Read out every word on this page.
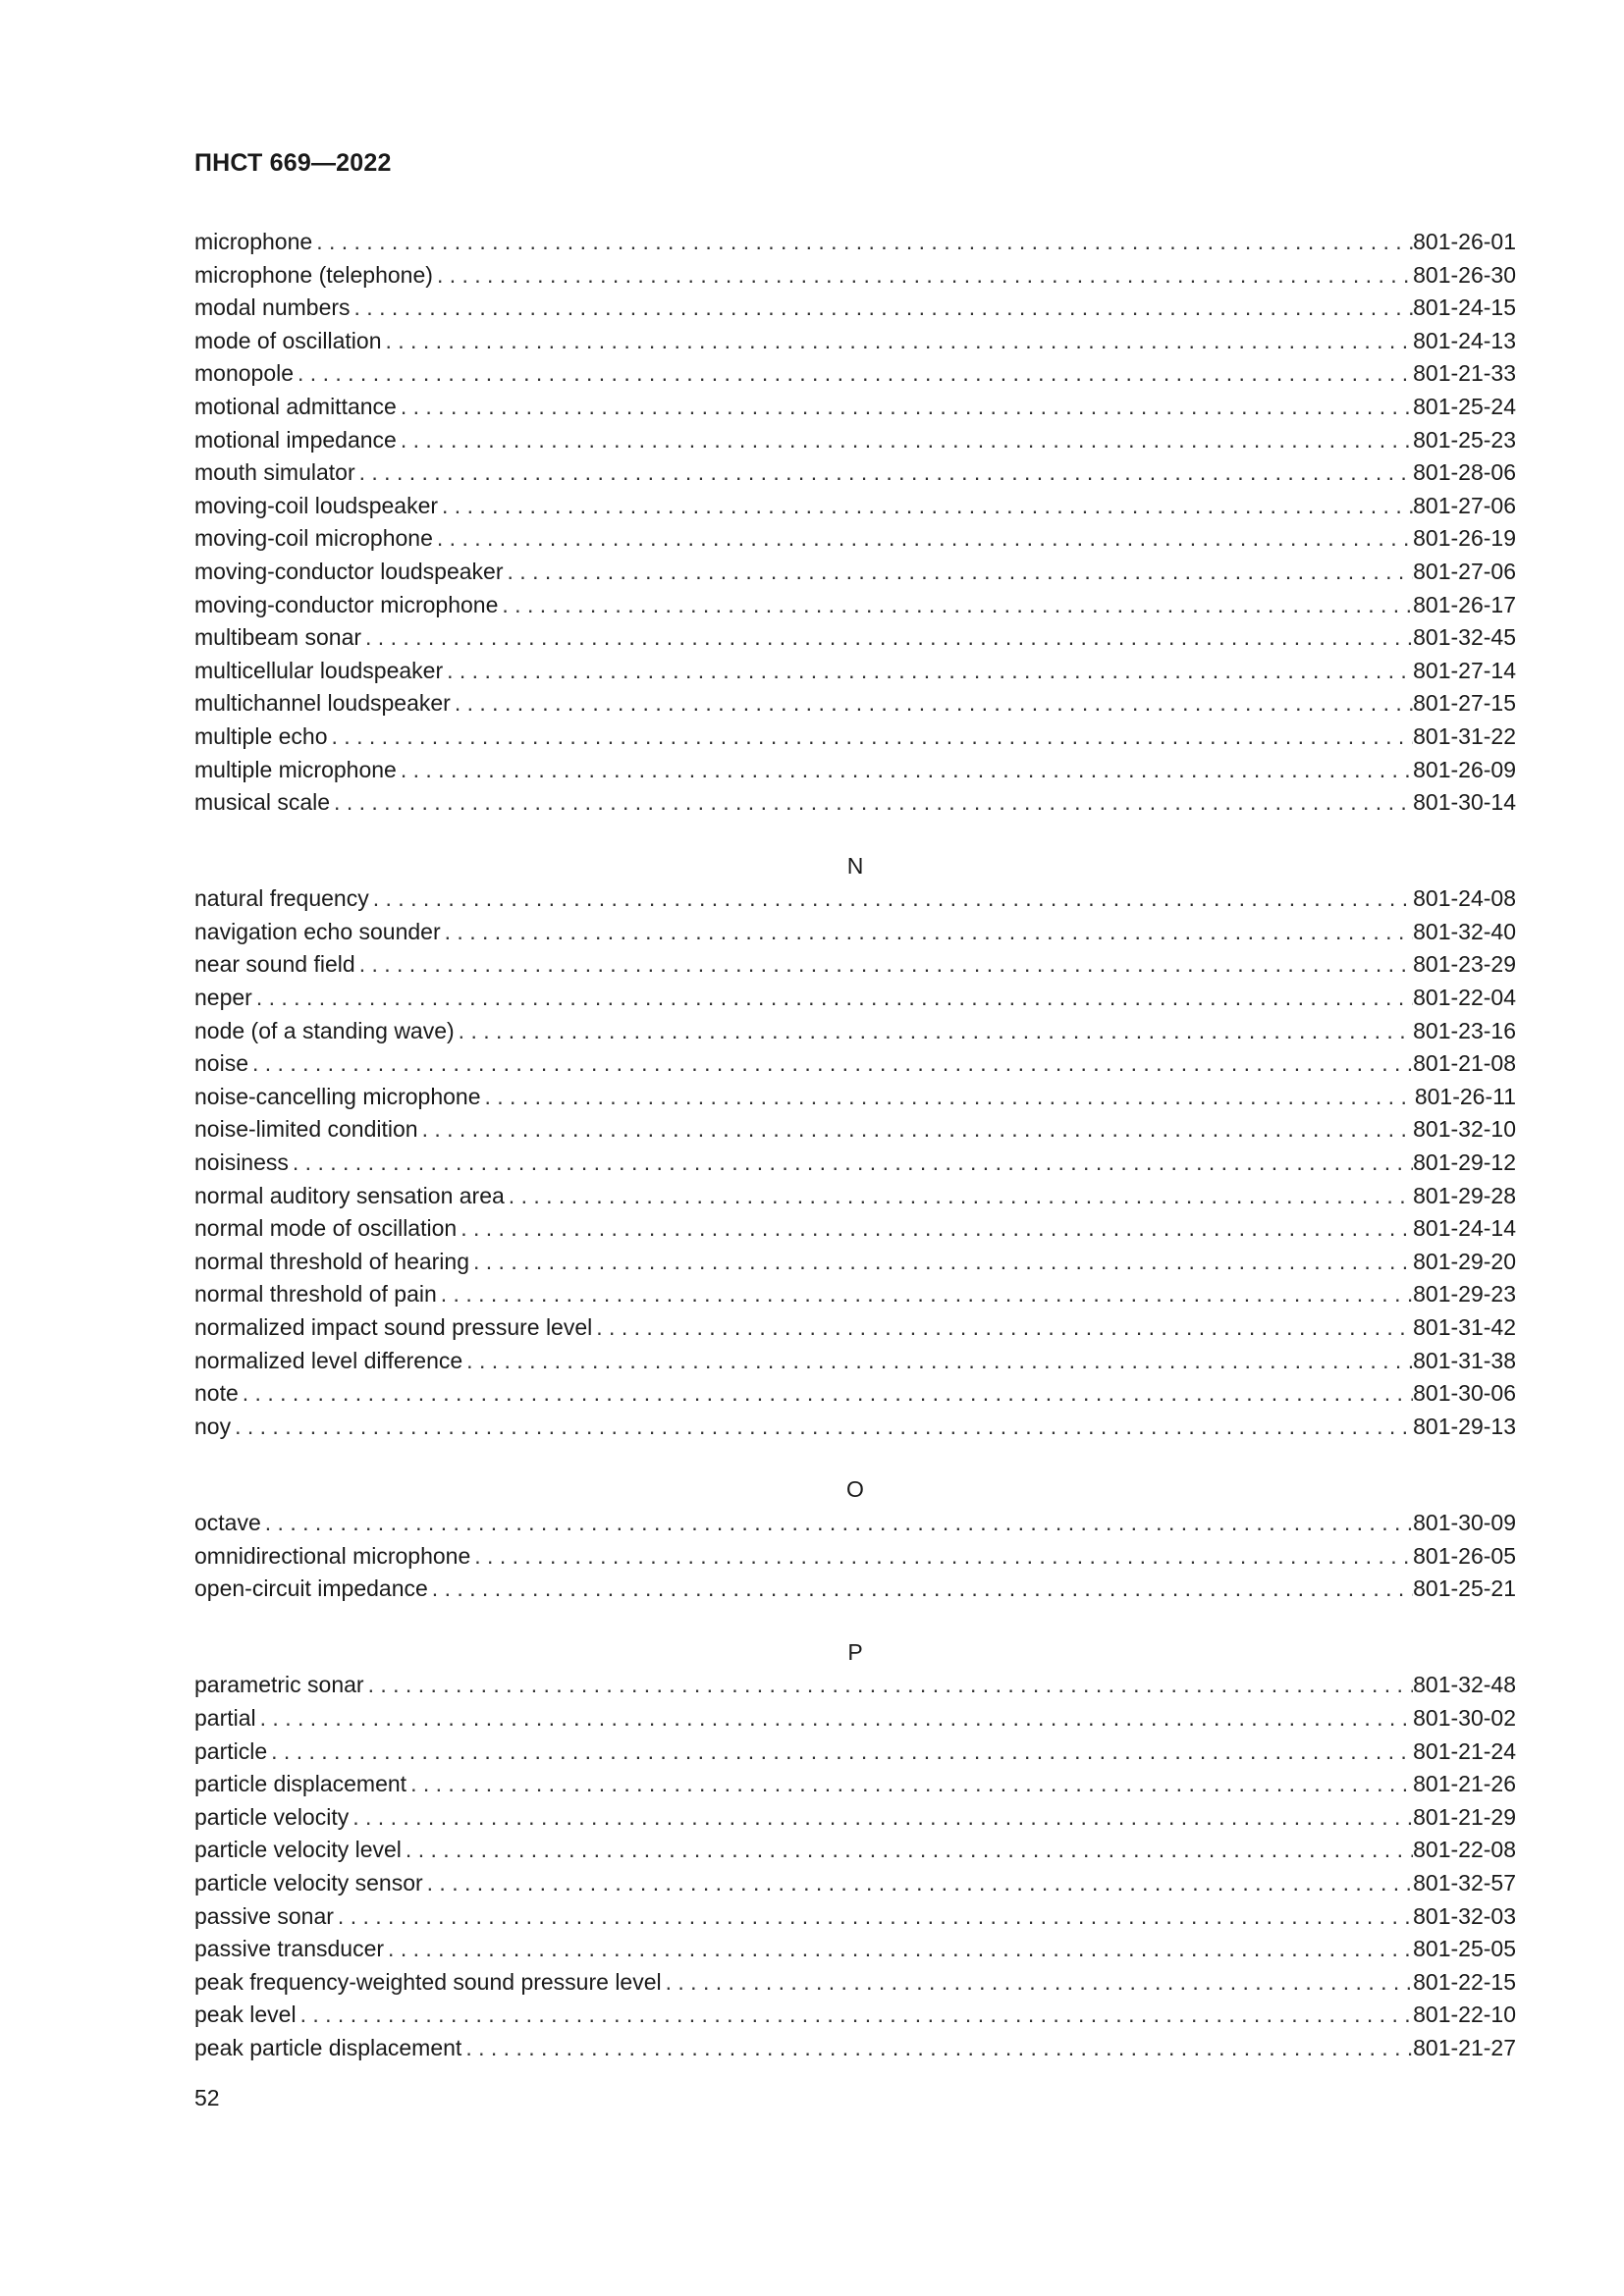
ПНСТ 669—2022
microphone . . .	801-26-01
microphone (telephone) . . .	801-26-30
modal numbers . . .	801-24-15
mode of oscillation . . .	801-24-13
monopole . . .	801-21-33
motional admittance . . .	801-25-24
motional impedance . . .	801-25-23
mouth simulator . . .	801-28-06
moving-coil loudspeaker . . .	801-27-06
moving-coil microphone . . .	801-26-19
moving-conductor loudspeaker . . .	801-27-06
moving-conductor microphone . . .	801-26-17
multibeam sonar . . .	801-32-45
multicellular loudspeaker . . .	801-27-14
multichannel loudspeaker . . .	801-27-15
multiple echo . . .	801-31-22
multiple microphone . . .	801-26-09
musical scale . . .	801-30-14
N
natural frequency . . .	801-24-08
navigation echo sounder . . .	801-32-40
near sound field . . .	801-23-29
neper . . .	801-22-04
node (of a standing wave) . . .	801-23-16
noise . . .	801-21-08
noise-cancelling microphone . . .	801-26-11
noise-limited condition . . .	801-32-10
noisiness . . .	801-29-12
normal auditory sensation area . . .	801-29-28
normal mode of oscillation . . .	801-24-14
normal threshold of hearing . . .	801-29-20
normal threshold of pain . . .	801-29-23
normalized impact sound pressure level . . .	801-31-42
normalized level difference . . .	801-31-38
note . . .	801-30-06
noy . . .	801-29-13
O
octave . . .	801-30-09
omnidirectional microphone . . .	801-26-05
open-circuit impedance . . .	801-25-21
P
parametric sonar . . .	801-32-48
partial . . .	801-30-02
particle . . .	801-21-24
particle displacement . . .	801-21-26
particle velocity . . .	801-21-29
particle velocity level . . .	801-22-08
particle velocity sensor . . .	801-32-57
passive sonar . . .	801-32-03
passive transducer . . .	801-25-05
peak frequency-weighted sound pressure level . . .	801-22-15
peak level . . .	801-22-10
peak particle displacement . . .	801-21-27
52
